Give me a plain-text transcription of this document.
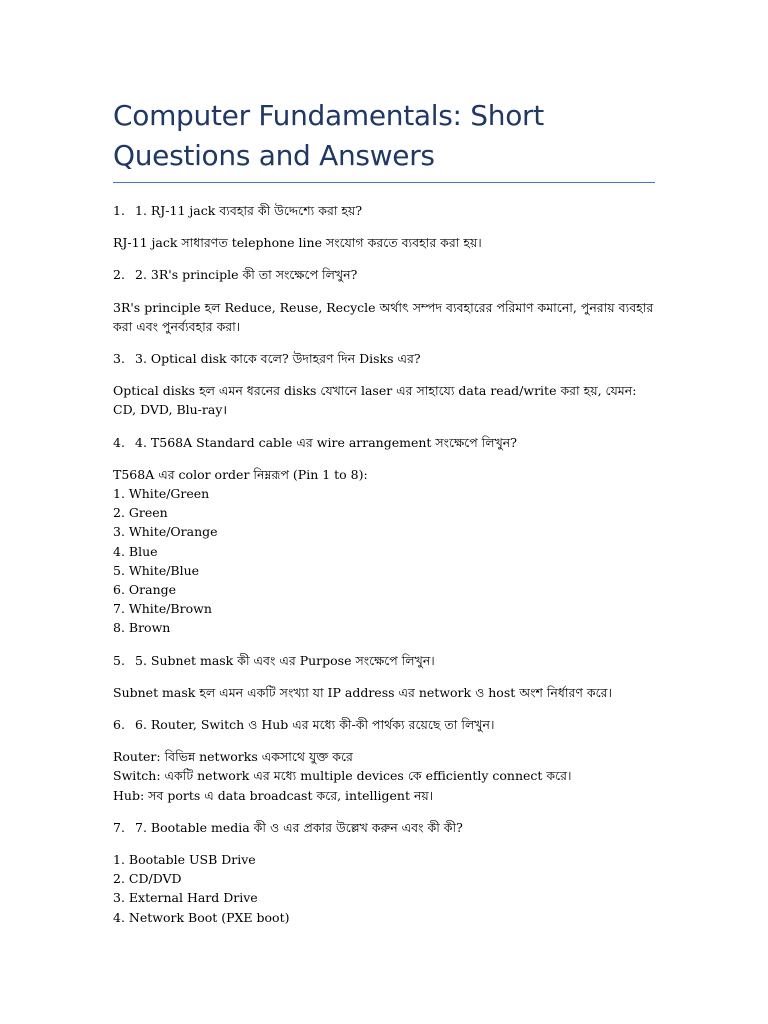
Computer Fundamentals: Short Questions and Answers
1. 1. RJ-11 jack ব্যবহার কী উদ্দেশ্যে করা হয়?
RJ-11 jack সাধারণত telephone line সংযোগ করতে ব্যবহার করা হয়।
2. 2. 3R's principle কী তা সংক্ষেপে লিখুন?
3R's principle হল Reduce, Reuse, Recycle অর্থাৎ সম্পদ ব্যবহারের পরিমাণ কমানো, পুনরায় ব্যবহার করা এবং পুনর্ব্যবহার করা।
3. 3. Optical disk কাকে বলে? উদাহরণ দিন Disks এর?
Optical disks হল এমন ধরনের disks যেখানে laser এর সাহায্যে data read/write করা হয়, যেমন: CD, DVD, Blu-ray।
4. 4. T568A Standard cable এর wire arrangement সংক্ষেপে লিখুন?
T568A এর color order নিম্নরূপ (Pin 1 to 8):
1. White/Green
2. Green
3. White/Orange
4. Blue
5. White/Blue
6. Orange
7. White/Brown
8. Brown
5. 5. Subnet mask কী এবং এর Purpose সংক্ষেপে লিখুন।
Subnet mask হল এমন একটি সংখ্যা যা IP address এর network ও host অংশ নির্ধারণ করে।
6. 6. Router, Switch ও Hub এর মধ্যে কী-কী পার্থক্য রয়েছে তা লিখুন।
Router: বিভিন্ন networks একসাথে যুক্ত করে
Switch: একটি network এর মধ্যে multiple devices কে efficiently connect করে।
Hub: সব ports এ data broadcast করে, intelligent নয়।
7. 7. Bootable media কী ও এর প্রকার উল্লেখ করুন এবং কী কী?
1. Bootable USB Drive
2. CD/DVD
3. External Hard Drive
4. Network Boot (PXE boot)
